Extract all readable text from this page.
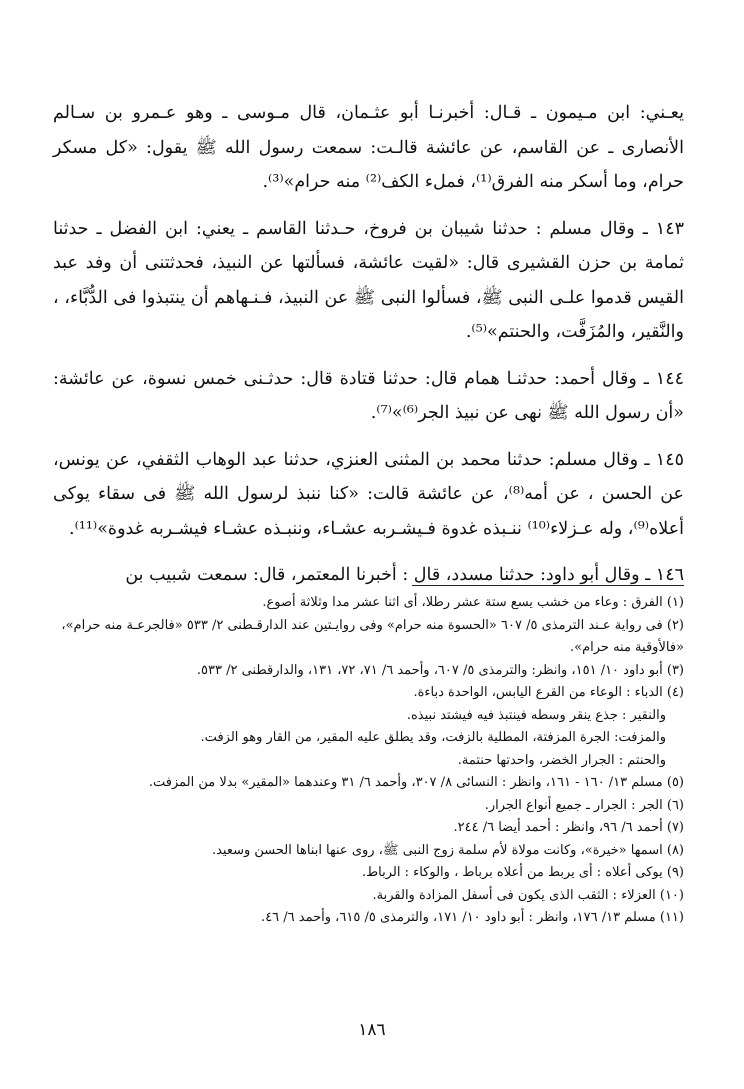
يعـني: ابن مـيمون ـ قـال: أخبرنـا أبو عثـمان، قال مـوسى ـ وهو عـمرو بن سـالم الأنصارى ـ عن القاسم، عن عائشة قالـت: سمعت رسول الله ﷺ يقول: «كل مسكر حرام، وما أسكر منه الفرق⁽¹⁾، فملء الكف⁽²⁾ منه حرام»⁽³⁾.

١٤٣ ـ وقال مسلم : حدثنا شيبان بن فروخ، حـدثنا القاسم ـ يعني: ابن الفضل ـ حدثنا ثمامة بن حزن القشيرى قال: «لقيت عائشة، فسألتها عن النبيذ، فحدثتنى أن وفد عبد القيس قدموا علـى النبى ﷺ، فسألوا النبى ﷺ عن النبيذ، فـنـهاهم أن ينتبذوا فى الدُّبَّاء، ، والنَّقير، والمُزَفَّت، والحنتم»⁽⁵⁾.

١٤٤ ـ وقال أحمد: حدثنـا همام قال: حدثنا قتادة قال: حدثـنى خمس نسوة، عن عائشة: «أن رسول الله ﷺ نهى عن نبيذ الجر⁽⁶⁾»⁽⁷⁾.

١٤٥ ـ وقال مسلم: حدثنا محمد بن المثنى العنزي، حدثنا عبد الوهاب الثقفي، عن يونس، عن الحسن ، عن أمه⁽⁸⁾، عن عائشة قالت: «كنا ننبذ لرسول الله ﷺ فى سقاء يوكى أعلاه⁽⁹⁾، وله عـزلاء⁽¹⁰⁾ ننـبذه غدوة فـيشـربه عشـاء، وننبـذه عشـاء فيشـربه غدوة»⁽¹¹⁾.

١٤٦ ـ وقال أبو داود: حدثنا مسدد، قال : أخبرنا المعتمر، قال: سمعت شبيب بن

(١) الفرق : وعاء من خشب يسع ستة عشر رطلا، أى اثنا عشر مدا وثلاثة أصوع.

(٢) فى رواية عـند الترمذى ٥/ ٦٠٧ «الحسوة منه حرام» وفى روايـتين عند الدارقـطنى ٢/ ٥٣٣ «فالجرعـة منه حرام»، «فالأوقية منه حرام».

(٣) أبو داود ١٠/ ١٥١، وانظر: والترمذى ٥/ ٦٠٧، وأحمد ٦/ ٧١، ٧٢، ١٣١، والدارقطنى ٢/ ٥٣٣.

(٤) الدباء : الوعاء من القرع اليابس، الواحدة دباءة.

والنقير : جذع ينقر وسطه فينتبذ فيه فيشتد نبيذه.

والمزفت: الجرة المزفتة، المطلية بالزفت، وقد يطلق عليه المقير، من القار وهو الزفت.

والحنتم : الجرار الخضر، واحدتها حنتمة.

(٥) مسلم ١٣/ ١٦٠ - ١٦١، وانظر : النسائى ٨/ ٣٠٧، وأحمد ٦/ ٣١ وعندهما «المقير» بدلا من المزفت.

(٦) الجر : الجرار ـ جميع أنواع الجرار.

(٧) أحمد ٦/ ٩٦، وانظر : أحمد أيضا ٦/ ٢٤٤.

(٨) اسمها «خيرة»، وكانت مولاة لأم سلمة زوج النبى ﷺ، روى عنها ابناها الحسن وسعيد.

(٩) يوكى أعلاه : أى يربط من أعلاه برباط ، والوكاء : الرباط.

(١٠) العزلاء : الثقب الذى يكون فى أسفل المزادة والقربة.

(١١) مسلم ١٣/ ١٧٦، وانظر : أبو داود ١٠/ ١٧١، والترمذى ٥/ ٦١٥، وأحمد ٦/ ٤٦.

١٨٦
